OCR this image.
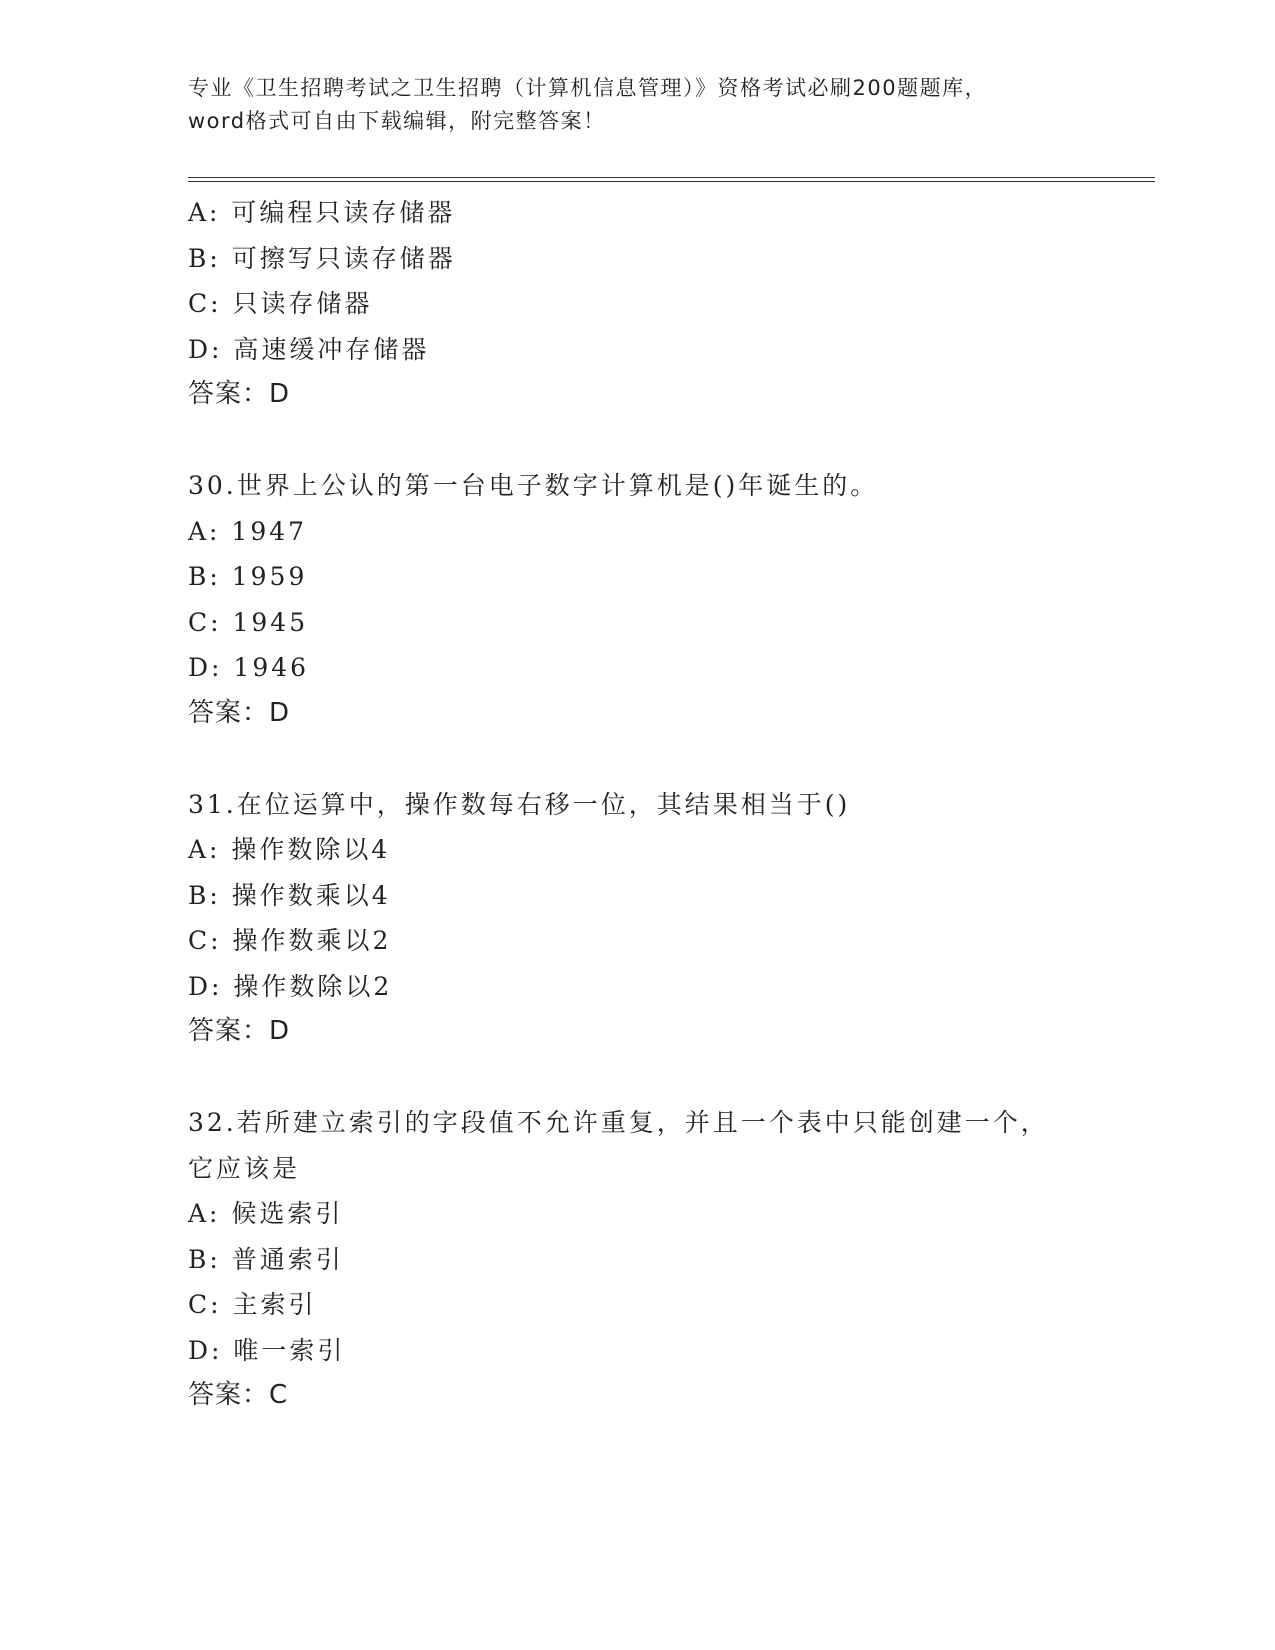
专业《卫生招聘考试之卫生招聘（计算机信息管理）》资格考试必刷200题题库，
word格式可自由下载编辑，附完整答案！
A: 可编程只读存储器
B: 可擦写只读存储器
C: 只读存储器
D: 高速缓冲存储器
答案：D
30.世界上公认的第一台电子数字计算机是()年诞生的。
A: 1947
B: 1959
C: 1945
D: 1946
答案：D
31.在位运算中，操作数每右移一位，其结果相当于()
A: 操作数除以4
B: 操作数乘以4
C: 操作数乘以2
D: 操作数除以2
答案：D
32.若所建立索引的字段值不允许重复，并且一个表中只能创建一个，它应该是
A: 候选索引
B: 普通索引
C: 主索引
D: 唯一索引
答案：C
